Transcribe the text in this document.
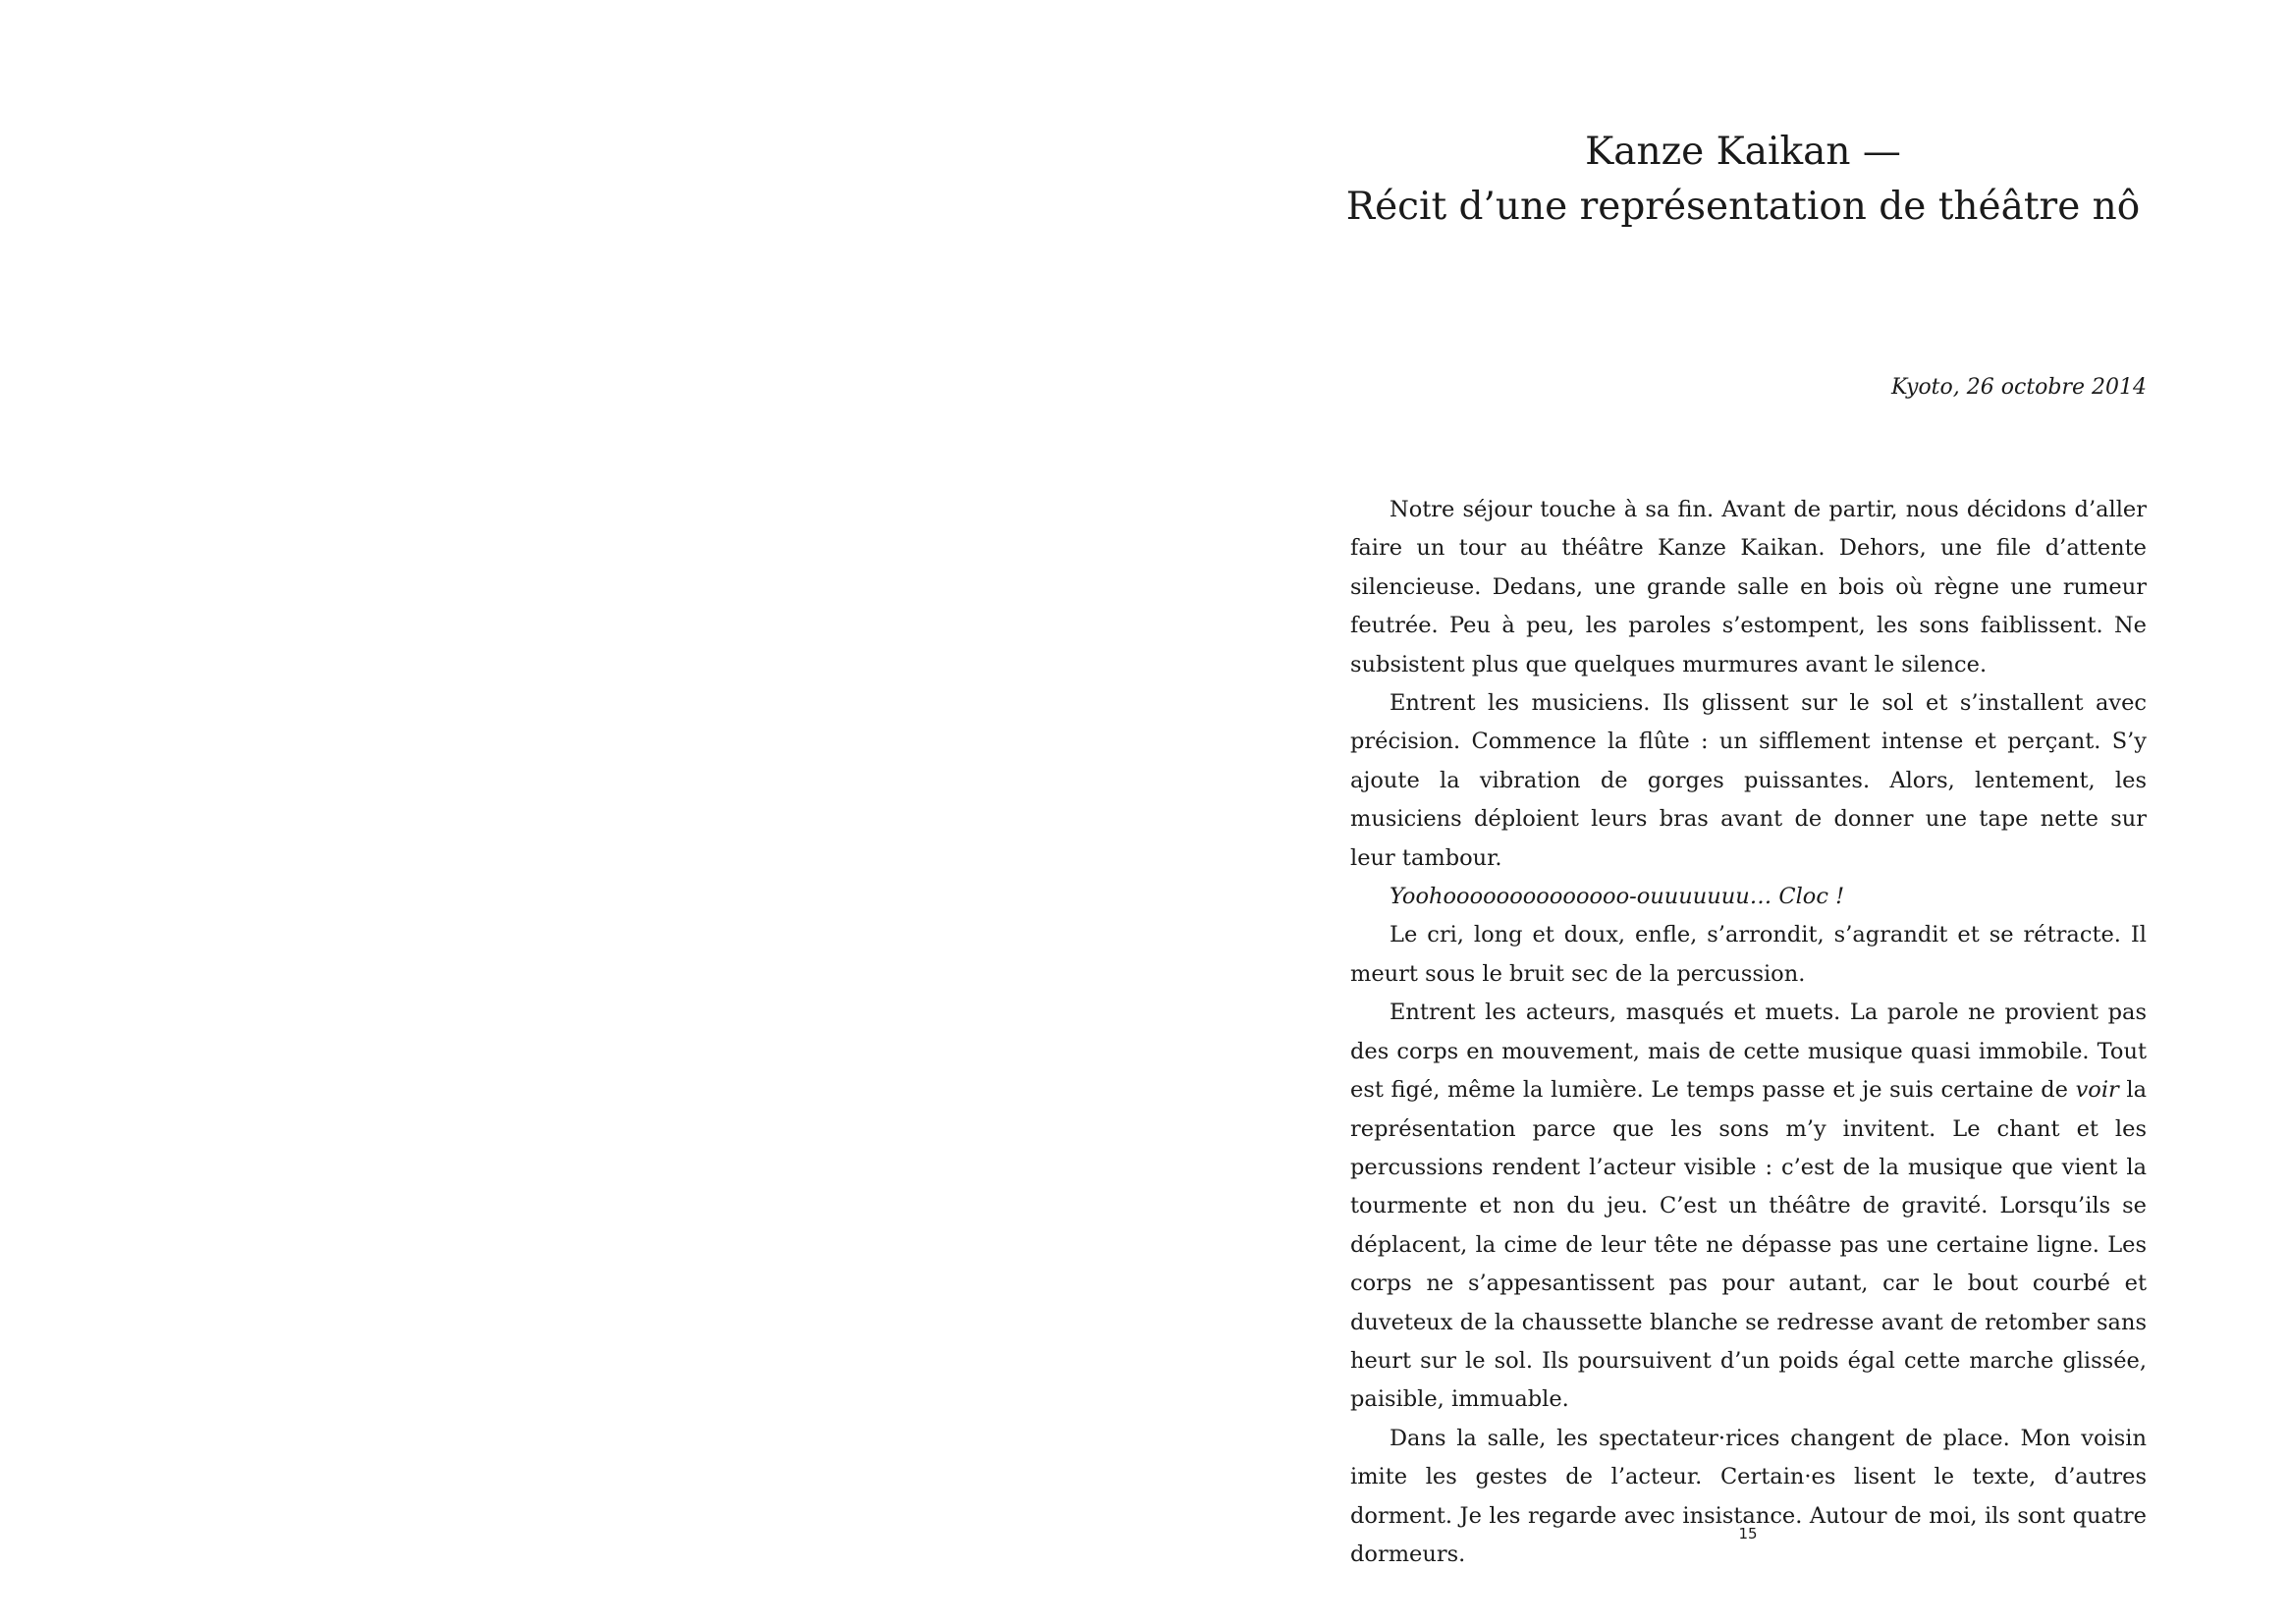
Kanze Kaikan —
Récit d’une représentation de théâtre nô
Kyoto, 26 octobre 2014

Notre séjour touche à sa fin. Avant de partir, nous décidons d’aller faire un tour au théâtre Kanze Kaikan. Dehors, une file d’attente silencieuse. Dedans, une grande salle en bois où règne une rumeur feutrée. Peu à peu, les paroles s’estompent, les sons faiblissent. Ne subsistent plus que quelques murmures avant le silence.

Entrent les musiciens. Ils glissent sur le sol et s’installent avec précision. Commence la flûte : un sifflement intense et perçant. S’y ajoute la vibration de gorges puissantes. Alors, lentement, les musiciens déploient leurs bras avant de donner une tape nette sur leur tambour.

Yoohoooooooooooooo-ouuuuuuu… Cloc !

Le cri, long et doux, enfle, s’arrondit, s’agrandit et se rétracte. Il meurt sous le bruit sec de la percussion.

Entrent les acteurs, masqués et muets. La parole ne provient pas des corps en mouvement, mais de cette musique quasi immobile. Tout est figé, même la lumière. Le temps passe et je suis certaine de voir la représentation parce que les sons m’y invitent. Le chant et les percussions rendent l’acteur visible : c’est de la musique que vient la tourmente et non du jeu. C’est un théâtre de gravité. Lorsqu’ils se déplacent, la cime de leur tête ne dépasse pas une certaine ligne. Les corps ne s’appesantissent pas pour autant, car le bout courbé et duveteux de la chaussette blanche se redresse avant de retomber sans heurt sur le sol. Ils poursuivent d’un poids égal cette marche glissée, paisible, immuable.

Dans la salle, les spectateur·rices changent de place. Mon voisin imite les gestes de l’acteur. Certain·es lisent le texte, d’autres dorment. Je les regarde avec insistance. Autour de moi, ils sont quatre dormeurs.

15
